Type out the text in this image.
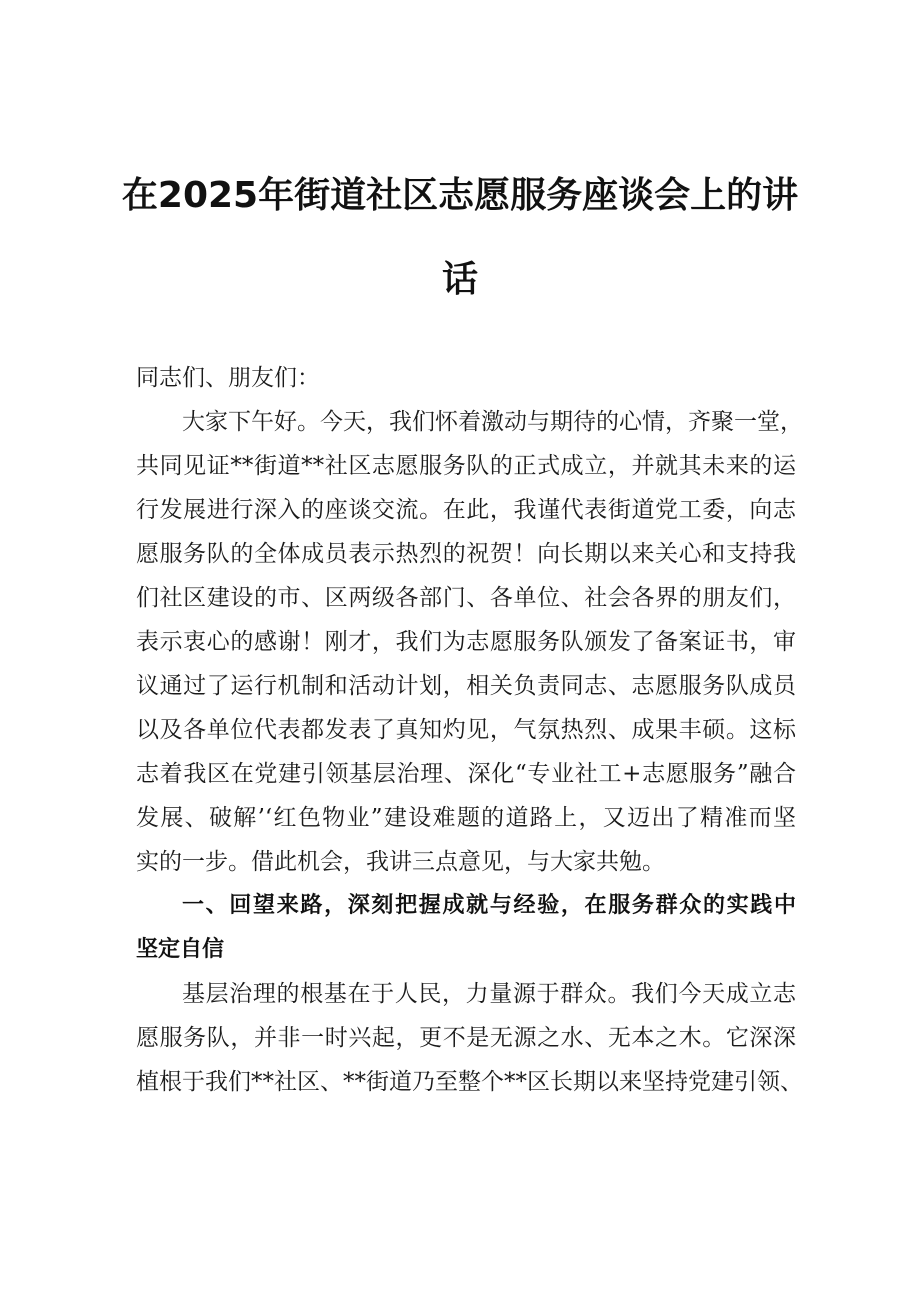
在2025年街道社区志愿服务座谈会上的讲
话
同志们、朋友们：
大家下午好。今天，我们怀着激动与期待的心情，齐聚一堂，
共同见证**街道**社区志愿服务队的正式成立，并就其未来的运
行发展进行深入的座谈交流。在此，我谨代表街道党工委，向志
愿服务队的全体成员表示热烈的祝贺！向长期以来关心和支持我
们社区建设的市、区两级各部门、各单位、社会各界的朋友们，
表示衷心的感谢！刚才，我们为志愿服务队颁发了备案证书，审
议通过了运行机制和活动计划，相关负责同志、志愿服务队成员
以及各单位代表都发表了真知灼见，气氛热烈、成果丰硕。这标
志着我区在党建引领基层治理、深化“专业社工+志愿服务”融合
发展、破解’‘红色物业”建设难题的道路上，又迈出了精准而坚
实的一步。借此机会，我讲三点意见，与大家共勉。
一、回望来路，深刻把握成就与经验，在服务群众的实践中
坚定自信
基层治理的根基在于人民，力量源于群众。我们今天成立志
愿服务队，并非一时兴起，更不是无源之水、无本之木。它深深
植根于我们**社区、**街道乃至整个**区长期以来坚持党建引领、
